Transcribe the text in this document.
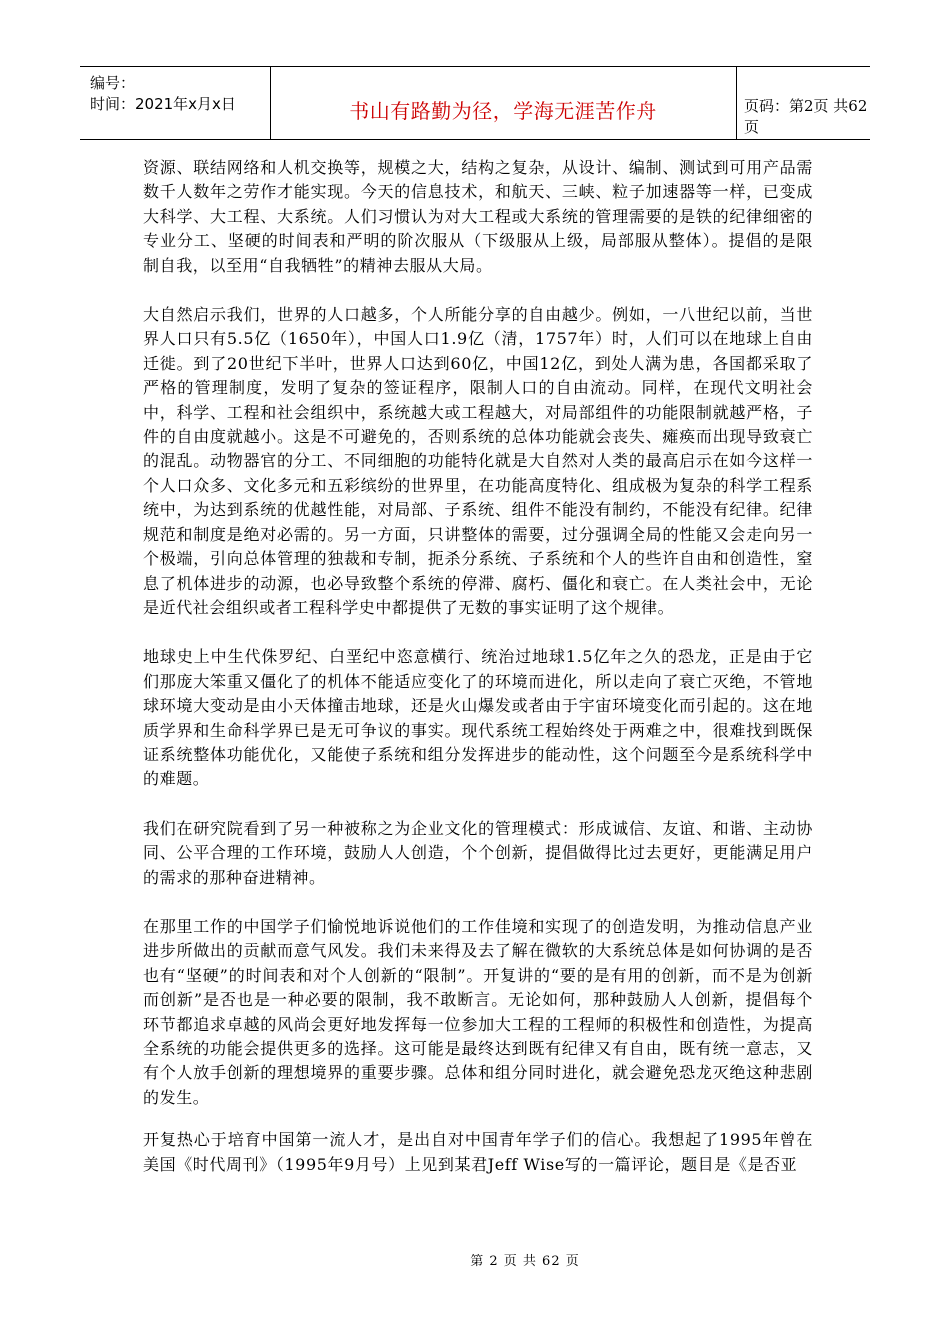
编号：
时间：2021年x月x日	书山有路勤为径，学海无涯苦作舟	页码：第2页 共62页

资源、联结网络和人机交换等，规模之大，结构之复杂，从设计、编制、测试到可用产品需数千人数年之劳作才能实现。今天的信息技术，和航天、三峡、粒子加速器等一样，已变成大科学、大工程、大系统。人们习惯认为对大工程或大系统的管理需要的是铁的纪律细密的专业分工、坚硬的时间表和严明的阶次服从（下级服从上级，局部服从整体）。提倡的是限制自我，以至用“自我牺牲”的精神去服从大局。

大自然启示我们，世界的人口越多，个人所能分享的自由越少。例如，一八世纪以前，当世界人口只有5.5亿（1650年），中国人口1.9亿（清，1757年）时，人们可以在地球上自由迁徙。到了20世纪下半叶，世界人口达到60亿，中国12亿，到处人满为患，各国都采取了严格的管理制度，发明了复杂的签证程序，限制人口的自由流动。同样，在现代文明社会中，科学、工程和社会组织中，系统越大或工程越大，对局部组件的功能限制就越严格，子件的自由度就越小。这是不可避免的，否则系统的总体功能就会丧失、瘫痪而出现导致衰亡的混乱。动物器官的分工、不同细胞的功能特化就是大自然对人类的最高启示在如今这样一个人口众多、文化多元和五彩缤纷的世界里，在功能高度特化、组成极为复杂的科学工程系统中，为达到系统的优越性能，对局部、子系统、组件不能没有制约，不能没有纪律。纪律规范和制度是绝对必需的。另一方面，只讲整体的需要，过分强调全局的性能又会走向另一个极端，引向总体管理的独裁和专制，扼杀分系统、子系统和个人的些许自由和创造性，窒息了机体进步的动源，也必导致整个系统的停滞、腐朽、僵化和衰亡。在人类社会中，无论是近代社会组织或者工程科学史中都提供了无数的事实证明了这个规律。

地球史上中生代侏罗纪、白垩纪中恣意横行、统治过地球1.5亿年之久的恐龙，正是由于它们那庞大笨重又僵化了的机体不能适应变化了的环境而进化，所以走向了衰亡灭绝，不管地球环境大变动是由小天体撞击地球，还是火山爆发或者由于宇宙环境变化而引起的。这在地质学界和生命科学界已是无可争议的事实。现代系统工程始终处于两难之中，很难找到既保证系统整体功能优化，又能使子系统和组分发挥进步的能动性，这个问题至今是系统科学中的难题。

我们在研究院看到了另一种被称之为企业文化的管理模式：形成诚信、友谊、和谐、主动协同、公平合理的工作环境，鼓励人人创造，个个创新，提倡做得比过去更好，更能满足用户的需求的那种奋进精神。

在那里工作的中国学子们愉悦地诉说他们的工作佳境和实现了的创造发明，为推动信息产业进步所做出的贡献而意气风发。我们未来得及去了解在微软的大系统总体是如何协调的是否也有“坚硬”的时间表和对个人创新的“限制”。开复讲的“要的是有用的创新，而不是为创新而创新”是否也是一种必要的限制，我不敢断言。无论如何，那种鼓励人人创新，提倡每个环节都追求卓越的风尚会更好地发挥每一位参加大工程的工程师的积极性和创造性，为提高全系统的功能会提供更多的选择。这可能是最终达到既有纪律又有自由，既有统一意志，又有个人放手创新的理想境界的重要步骤。总体和组分同时进化，就会避免恐龙灭绝这种悲剧的发生。

开复热心于培育中国第一流人才，是出自对中国青年学子们的信心。我想起了1995年曾在美国《时代周刊》（1995年9月号）上见到某君Jeff Wise写的一篇评论，题目是《是否亚

第 2 页 共 62 页
